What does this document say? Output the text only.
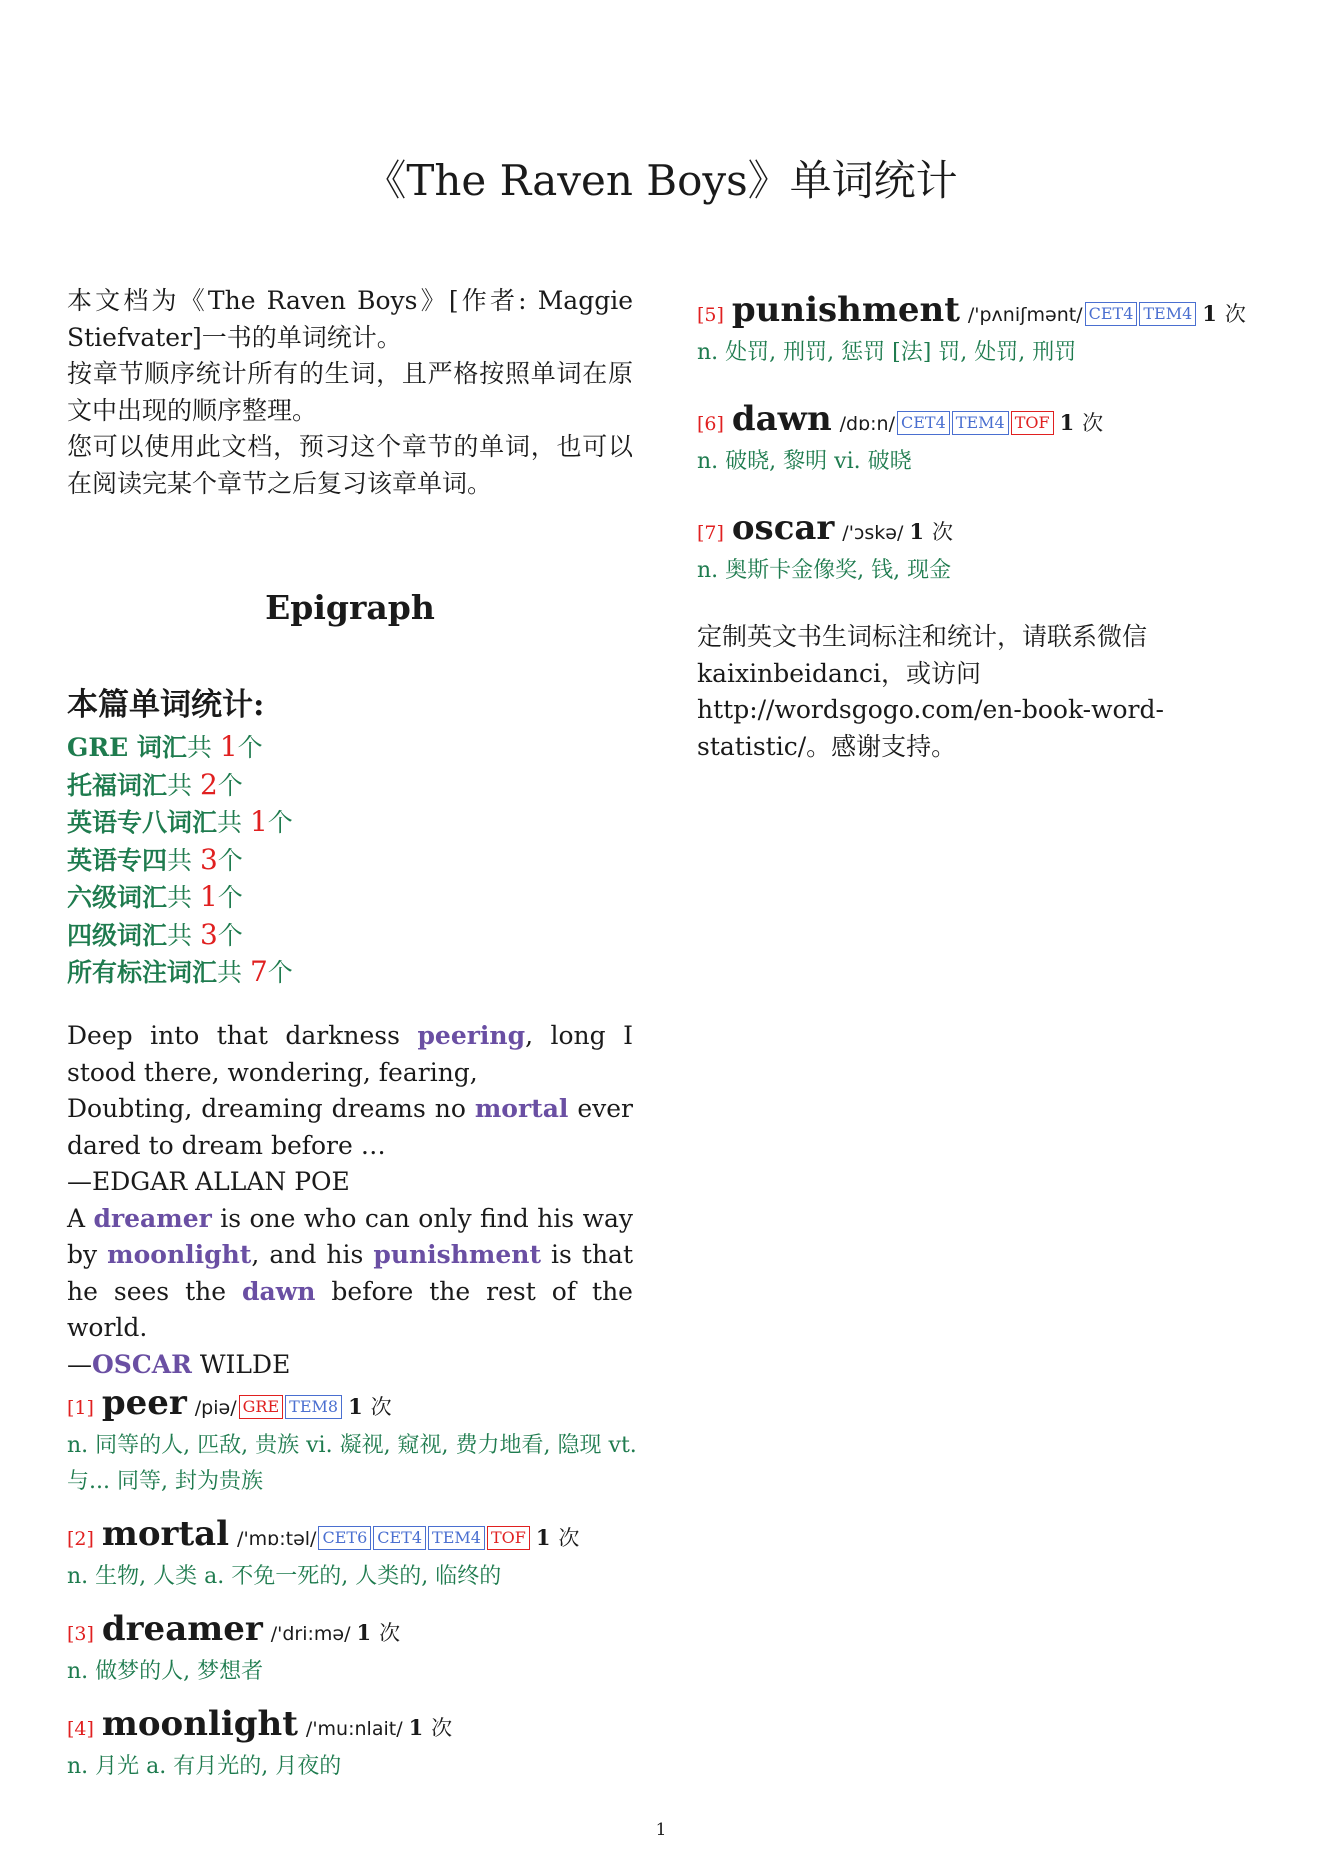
《The Raven Boys》单词统计

本文档为《The Raven Boys》[作者: Maggie Stiefvater]一书的单词统计。

按章节顺序统计所有的生词，且严格按照单词在原文中出现的顺序整理。

您可以使用此文档，预习这个章节的单词，也可以在阅读完某个章节之后复习该章单词。

Epigraph

本篇单词统计:

GRE 词汇共 1个

托福词汇共 2个

英语专八词汇共 1个

英语专四共 3个

六级词汇共 1个

四级词汇共 3个

所有标注词汇共 7个

Deep into that darkness peering, long I stood there, wondering, fearing,

Doubting, dreaming dreams no mortal ever dared to dream before …

—EDGAR ALLAN POE

A dreamer is one who can only find his way by moonlight, and his punishment is that he sees the dawn before the rest of the world.

—OSCAR WILDE

[1] peer /piə/ GRE TEM8 1 次

n. 同等的人, 匹敌, 贵族 vi. 凝视, 窥视, 费力地看, 隐现 vt. 与... 同等, 封为贵族

[2] mortal /'mɒ:təl/ CET6 CET4 TEM4 TOF 1 次

n. 生物, 人类 a. 不免一死的, 人类的, 临终的

[3] dreamer /'dri:mə/ 1 次

n. 做梦的人, 梦想者

[4] moonlight /'mu:nlait/ 1 次

n. 月光 a. 有月光的, 月夜的

[5] punishment /'pʌniʃmənt/ CET4 TEM4 1 次

n. 处罚, 刑罚, 惩罚 [法] 罚, 处罚, 刑罚

[6] dawn /dɒ:n/ CET4 TEM4 TOF 1 次

n. 破晓, 黎明 vi. 破晓

[7] oscar /'ɔskə/ 1 次

n. 奥斯卡金像奖, 钱, 现金

定制英文书生词标注和统计，请联系微信 kaixinbeidanci，或访问 http://wordsgogo.com/en-book-word-statistic/。感谢支持。

1
